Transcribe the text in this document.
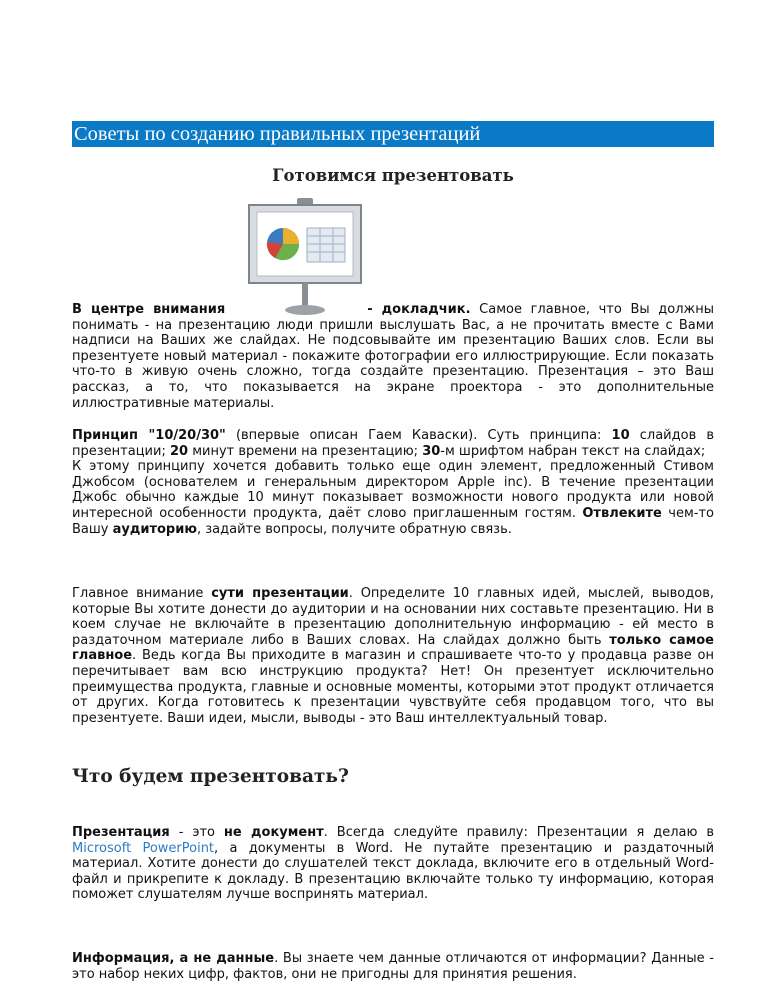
Советы по созданию правильных презентаций
Готовимся презентовать
В центре внимания	- докладчик. Самое главное, что Вы должны понимать - на презентацию люди пришли выслушать Вас, а не прочитать вместе с Вами надписи на Ваших же слайдах. Не подсовывайте им презентацию Ваших слов. Если вы презентуете новый материал - покажите фотографии его иллюстрирующие. Если показать что-то в живую очень сложно, тогда создайте презентацию. Презентация – это Ваш рассказ, а то, что показывается на экране проектора - это дополнительные иллюстративные материалы.
Принцип "10/20/30" (впервые описан Гаем Каваски). Суть принципа: 10 слайдов в презентации; 20 минут времени на презентацию; 30-м шрифтом набран текст на слайдах;
К этому принципу хочется добавить только еще один элемент, предложенный Стивом Джобсом (основателем и генеральным директором Apple inc). В течение презентации Джобс обычно каждые 10 минут показывает возможности нового продукта или новой интересной особенности продукта, даёт слово приглашенным гостям. Отвлеките чем-то Вашу аудиторию, задайте вопросы, получите обратную связь.
Главное внимание сути презентации. Определите 10 главных идей, мыслей, выводов, которые Вы хотите донести до аудитории и на основании них составьте презентацию. Ни в коем случае не включайте в презентацию дополнительную информацию - ей место в раздаточном материале либо в Ваших словах. На слайдах должно быть только самое главное. Ведь когда Вы приходите в магазин и спрашиваете что-то у продавца разве он перечитывает вам всю инструкцию продукта? Нет! Он презентует исключительно преимущества продукта, главные и основные моменты, которыми этот продукт отличается от других. Когда готовитесь к презентации чувствуйте себя продавцом того, что вы презентуете. Ваши идеи, мысли, выводы - это Ваш интеллектуальный товар.
Что будем презентовать?
Презентация - это не документ. Всегда следуйте правилу: Презентации я делаю в Microsoft PowerPoint, а документы в Word. Не путайте презентацию и раздаточный материал. Хотите донести до слушателей текст доклада, включите его в отдельный Word-файл и прикрепите к докладу. В презентацию включайте только ту информацию, которая поможет слушателям лучше воспринять материал.
Информация, а не данные. Вы знаете чем данные отличаются от информации? Данные - это набор неких цифр, фактов, они не пригодны для принятия решения.
